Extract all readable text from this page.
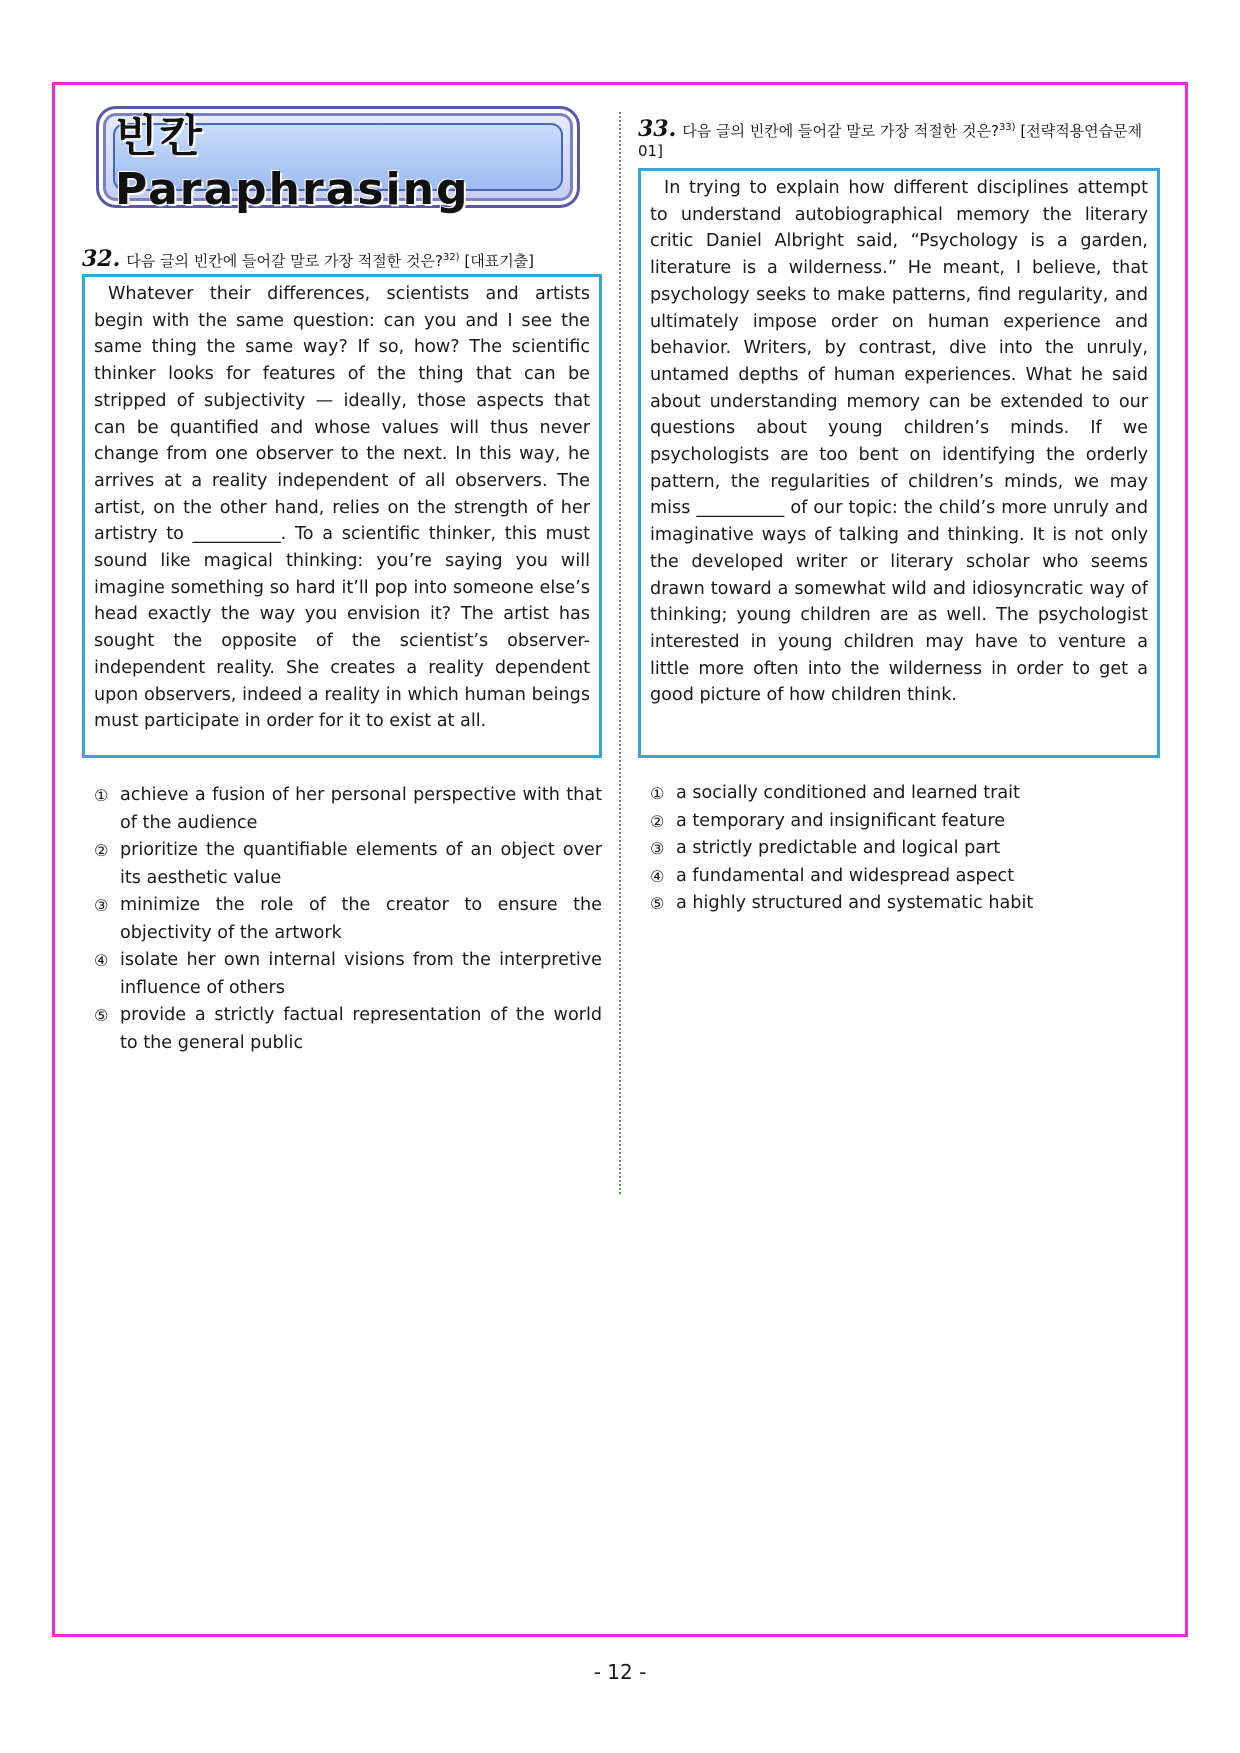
빈칸 Paraphrasing
32. 다음 글의 빈칸에 들어갈 말로 가장 적절한 것은?$^{32)}$ [대표기출]

Whatever their differences, scientists and artists begin with the same question: can you and I see the same thing the same way? If so, how? The scientific thinker looks for features of the thing that can be stripped of subjectivity — ideally, those aspects that can be quantified and whose values will thus never change from one observer to the next. In this way, he arrives at a reality independent of all observers. The artist, on the other hand, relies on the strength of her artistry to __________. To a scientific thinker, this must sound like magical thinking: you’re saying you will imagine something so hard it’ll pop into someone else’s head exactly the way you envision it? The artist has sought the opposite of the scientist’s observer-independent reality. She creates a reality dependent upon observers, indeed a reality in which human beings must participate in order for it to exist at all.

① achieve a fusion of her personal perspective with that of the audience
② prioritize the quantifiable elements of an object over its aesthetic value
③ minimize the role of the creator to ensure the objectivity of the artwork
④ isolate her own internal visions from the interpretive influence of others
⑤ provide a strictly factual representation of the world to the general public
33. 다음 글의 빈칸에 들어갈 말로 가장 적절한 것은?$^{33)}$ [전략적용연습문제01]

In trying to explain how different disciplines attempt to understand autobiographical memory the literary critic Daniel Albright said, “Psychology is a garden, literature is a wilderness.” He meant, I believe, that psychology seeks to make patterns, find regularity, and ultimately impose order on human experience and behavior. Writers, by contrast, dive into the unruly, untamed depths of human experiences. What he said about understanding memory can be extended to our questions about young children’s minds. If we psychologists are too bent on identifying the orderly pattern, the regularities of children’s minds, we may miss __________ of our topic: the child’s more unruly and imaginative ways of talking and thinking. It is not only the developed writer or literary scholar who seems drawn toward a somewhat wild and idiosyncratic way of thinking; young children are as well. The psychologist interested in young children may have to venture a little more often into the wilderness in order to get a good picture of how children think.

① a socially conditioned and learned trait
② a temporary and insignificant feature
③ a strictly predictable and logical part
④ a fundamental and widespread aspect
⑤ a highly structured and systematic habit
- 12 -
